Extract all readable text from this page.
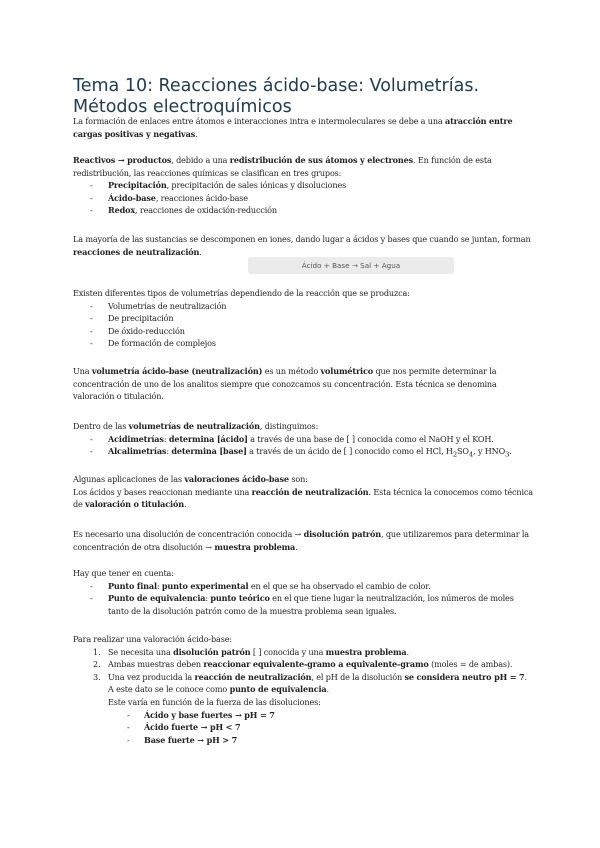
Tema 10: Reacciones ácido-base: Volumetrías. Métodos electroquímicos
La formación de enlaces entre átomos e interacciones intra e intermoleculares se debe a una atracción entre cargas positivas y negativas.
Reactivos → productos, debido a una redistribución de sus átomos y electrones. En función de esta redistribución, las reacciones químicas se clasifican en tres grupos:
- Precipitación, precipitación de sales iónicas y disoluciones
- Ácido-base, reacciones ácido-base
- Redox, reacciones de oxidación-reducción
La mayoría de las sustancias se descomponen en iones, dando lugar a ácidos y bases que cuando se juntan, forman reacciones de neutralización.
Ácido + Base → Sal + Agua
Existen diferentes tipos de volumetrías dependiendo de la reacción que se produzca:
- Volumetrías de neutralización
- De precipitación
- De óxido-reducción
- De formación de complejos
Una volumetría ácido-base (neutralización) es un método volumétrico que nos permite determinar la concentración de uno de los analitos siempre que conozcamos su concentración. Esta técnica se denomina valoración o titulación.
Dentro de las volumetrías de neutralización, distinguimos:
- Acidimetrías: determina [ácido] a través de una base de [ ] conocida como el NaOH y el KOH.
- Alcalimetrías: determina [base] a través de un ácido de [ ] conocido como el HCl, $H_2SO_4$, y $HNO_3$.
Algunas aplicaciones de las valoraciones ácido-base son:
Los ácidos y bases reaccionan mediante una reacción de neutralización. Esta técnica la conocemos como técnica de valoración o titulación.
Es necesario una disolución de concentración conocida → disolución patrón, que utilizaremos para determinar la concentración de otra disolución → muestra problema.
Hay que tener en cuenta:
- Punto final: punto experimental en el que se ha observado el cambio de color.
- Punto de equivalencia: punto teórico en el que tiene lugar la neutralización, los números de moles tanto de la disolución patrón como de la muestra problema sean iguales.
Para realizar una valoración ácido-base:
1. Se necesita una disolución patrón [ ] conocida y una muestra problema.
2. Ambas muestras deben reaccionar equivalente-gramo a equivalente-gramo (moles = de ambas).
3. Una vez producida la reacción de neutralización, el pH de la disolución se considera neutro pH = 7.
A este dato se le conoce como punto de equivalencia.
Este varía en función de la fuerza de las disoluciones:
- Ácido y base fuertes → pH = 7
- Ácido fuerte → pH < 7
- Base fuerte → pH > 7
